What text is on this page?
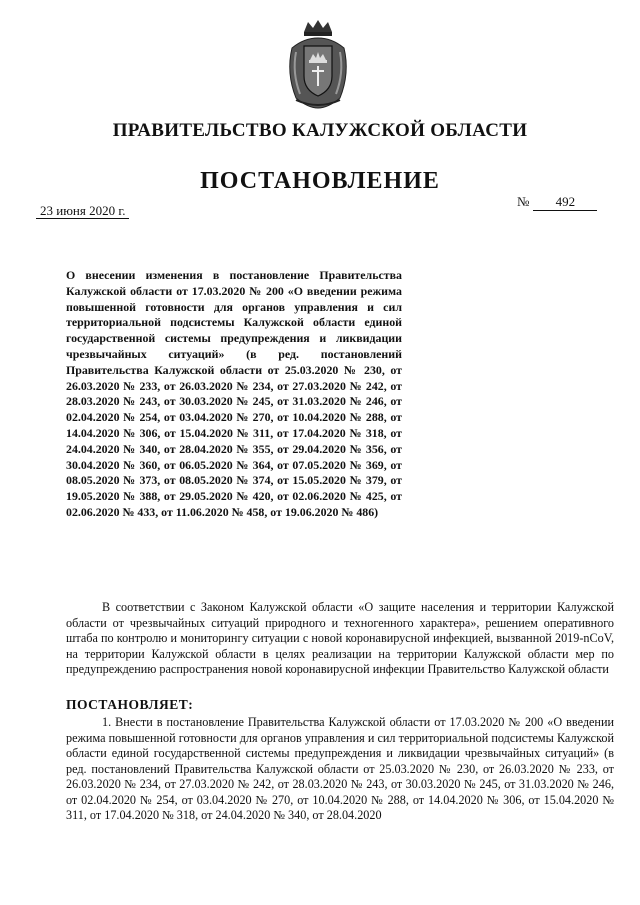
ПРАВИТЕЛЬСТВО КАЛУЖСКОЙ ОБЛАСТИ
ПОСТАНОВЛЕНИЕ
23 июня 2020 г.
№ 492
О внесении изменения в постановление Правительства Калужской области от 17.03.2020 № 200 «О введении режима повышенной готовности для органов управления и сил территориальной подсистемы Калужской области единой государственной системы предупреждения и ликвидации чрезвычайных ситуаций» (в ред. постановлений Правительства Калужской области от 25.03.2020 № 230, от 26.03.2020 № 233, от 26.03.2020 № 234, от 27.03.2020 № 242, от 28.03.2020 № 243, от 30.03.2020 № 245, от 31.03.2020 № 246, от 02.04.2020 № 254, от 03.04.2020 № 270, от 10.04.2020 № 288, от 14.04.2020 № 306, от 15.04.2020 № 311, от 17.04.2020 № 318, от 24.04.2020 № 340, от 28.04.2020 № 355, от 29.04.2020 № 356, от 30.04.2020 № 360, от 06.05.2020 № 364, от 07.05.2020 № 369, от 08.05.2020 № 373, от 08.05.2020 № 374, от 15.05.2020 № 379, от 19.05.2020 № 388, от 29.05.2020 № 420, от 02.06.2020 № 425, от 02.06.2020 № 433, от 11.06.2020 № 458, от 19.06.2020 № 486)
В соответствии с Законом Калужской области «О защите населения и территории Калужской области от чрезвычайных ситуаций природного и техногенного характера», решением оперативного штаба по контролю и мониторингу ситуации с новой коронавирусной инфекцией, вызванной 2019-nCoV, на территории Калужской области в целях реализации на территории Калужской области мер по предупреждению распространения новой коронавирусной инфекции Правительство Калужской области
ПОСТАНОВЛЯЕТ:
1. Внести в постановление Правительства Калужской области от 17.03.2020 № 200 «О введении режима повышенной готовности для органов управления и сил территориальной подсистемы Калужской области единой государственной системы предупреждения и ликвидации чрезвычайных ситуаций» (в ред. постановлений Правительства Калужской области от 25.03.2020 № 230, от 26.03.2020 № 233, от 26.03.2020 № 234, от 27.03.2020 № 242, от 28.03.2020 № 243, от 30.03.2020 № 245, от 31.03.2020 № 246, от 02.04.2020 № 254, от 03.04.2020 № 270, от 10.04.2020 № 288, от 14.04.2020 № 306, от 15.04.2020 № 311, от 17.04.2020 № 318, от 24.04.2020 № 340, от 28.04.2020
